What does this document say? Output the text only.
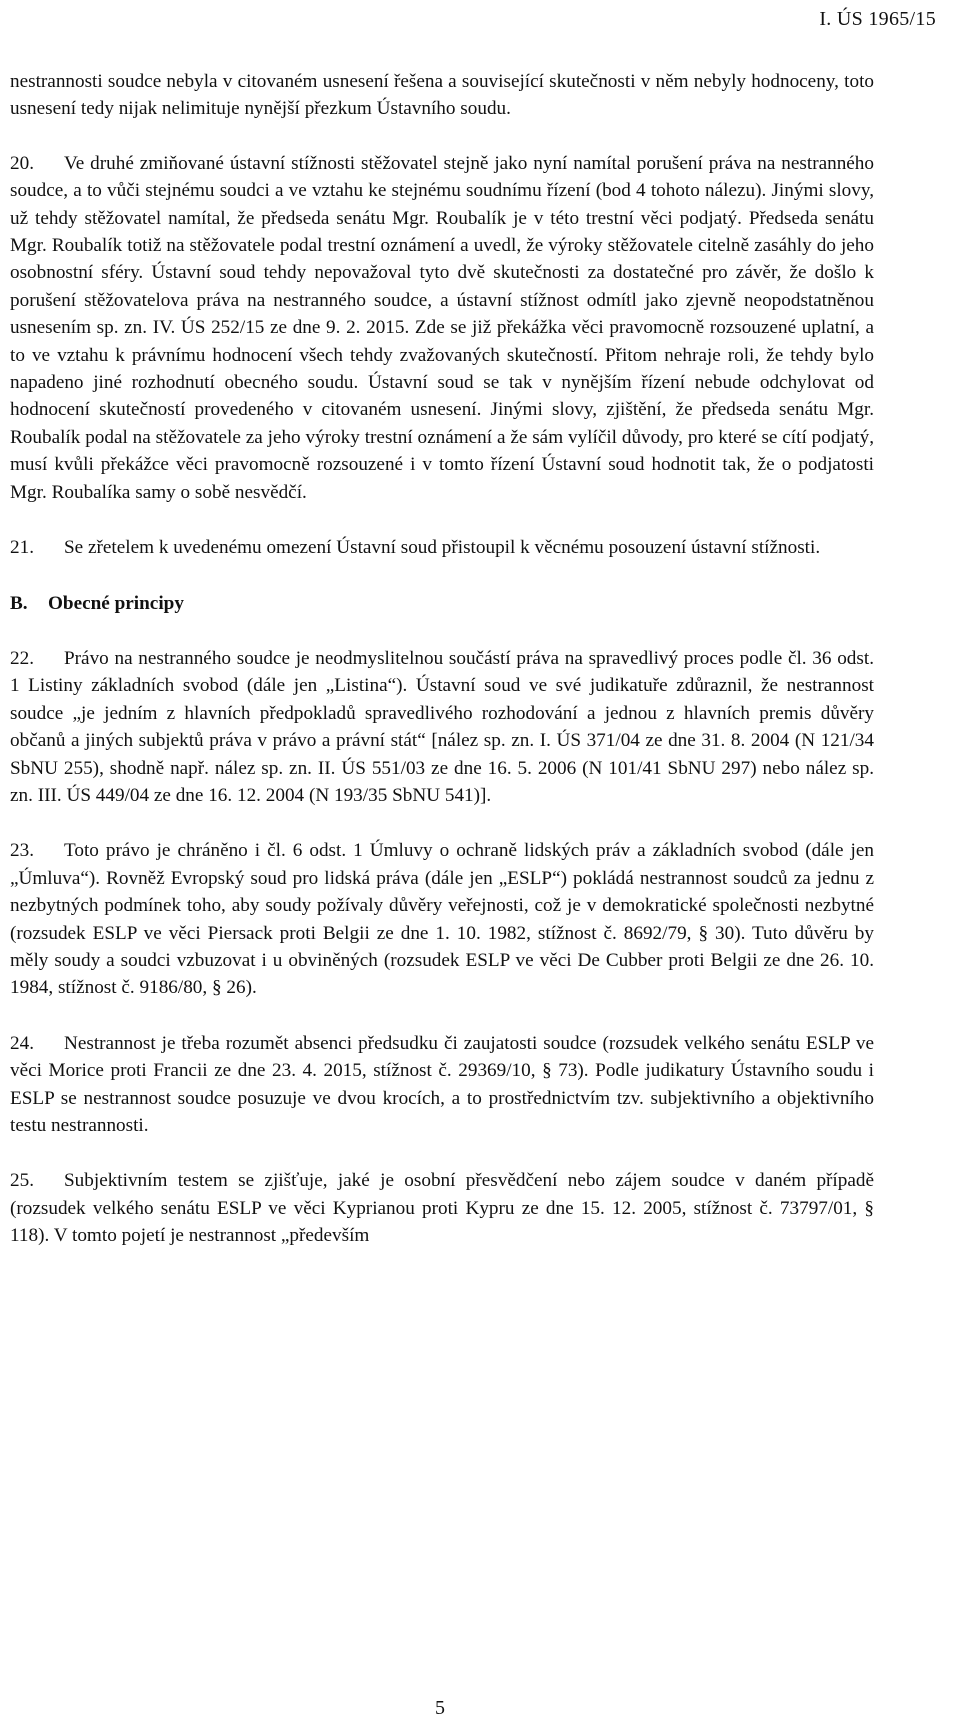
I. ÚS 1965/15

nestrannosti soudce nebyla v citovaném usnesení řešena a související skutečnosti v něm nebyly hodnoceny, toto usnesení tedy nijak nelimituje nynější přezkum Ústavního soudu.

20. Ve druhé zmiňované ústavní stížnosti stěžovatel stejně jako nyní namítal porušení práva na nestranného soudce, a to vůči stejnému soudci a ve vztahu ke stejnému soudnímu řízení (bod 4 tohoto nálezu). Jinými slovy, už tehdy stěžovatel namítal, že předseda senátu Mgr. Roubalík je v této trestní věci podjatý. Předseda senátu Mgr. Roubalík totiž na stěžovatele podal trestní oznámení a uvedl, že výroky stěžovatele citelně zasáhly do jeho osobnostní sféry. Ústavní soud tehdy nepovažoval tyto dvě skutečnosti za dostatečné pro závěr, že došlo k porušení stěžovatelova práva na nestranného soudce, a ústavní stížnost odmítl jako zjevně neopodstatněnou usnesením sp. zn. IV. ÚS 252/15 ze dne 9. 2. 2015. Zde se již překážka věci pravomocně rozsouzené uplatní, a to ve vztahu k právnímu hodnocení všech tehdy zvažovaných skutečností. Přitom nehraje roli, že tehdy bylo napadeno jiné rozhodnutí obecného soudu. Ústavní soud se tak v nynějším řízení nebude odchylovat od hodnocení skutečností provedeného v citovaném usnesení. Jinými slovy, zjištění, že předseda senátu Mgr. Roubalík podal na stěžovatele za jeho výroky trestní oznámení a že sám vylíčil důvody, pro které se cítí podjatý, musí kvůli překážce věci pravomocně rozsouzené i v tomto řízení Ústavní soud hodnotit tak, že o podjatosti Mgr. Roubalíka samy o sobě nesvědčí.

21. Se zřetelem k uvedenému omezení Ústavní soud přistoupil k věcnému posouzení ústavní stížnosti.

B. Obecné principy

22. Právo na nestranného soudce je neodmyslitelnou součástí práva na spravedlivý proces podle čl. 36 odst. 1 Listiny základních svobod (dále jen „Listina“). Ústavní soud ve své judikatuře zdůraznil, že nestrannost soudce „je jedním z hlavních předpokladů spravedlivého rozhodování a jednou z hlavních premis důvěry občanů a jiných subjektů práva v právo a právní stát“ [nález sp. zn. I. ÚS 371/04 ze dne 31. 8. 2004 (N 121/34 SbNU 255), shodně např. nález sp. zn. II. ÚS 551/03 ze dne 16. 5. 2006 (N 101/41 SbNU 297) nebo nález sp. zn. III. ÚS 449/04 ze dne 16. 12. 2004 (N 193/35 SbNU 541)].

23. Toto právo je chráněno i čl. 6 odst. 1 Úmluvy o ochraně lidských práv a základních svobod (dále jen „Úmluva“). Rovněž Evropský soud pro lidská práva (dále jen „ESLP“) pokládá nestrannost soudců za jednu z nezbytných podmínek toho, aby soudy požívaly důvěry veřejnosti, což je v demokratické společnosti nezbytné (rozsudek ESLP ve věci Piersack proti Belgii ze dne 1. 10. 1982, stížnost č. 8692/79, § 30). Tuto důvěru by měly soudy a soudci vzbuzovat i u obviněných (rozsudek ESLP ve věci De Cubber proti Belgii ze dne 26. 10. 1984, stížnost č. 9186/80, § 26).

24. Nestrannost je třeba rozumět absenci předsudku či zaujatosti soudce (rozsudek velkého senátu ESLP ve věci Morice proti Francii ze dne 23. 4. 2015, stížnost č. 29369/10, § 73). Podle judikatury Ústavního soudu i ESLP se nestrannost soudce posuzuje ve dvou krocích, a to prostřednictvím tzv. subjektivního a objektivního testu nestrannosti.

25. Subjektivním testem se zjišťuje, jaké je osobní přesvědčení nebo zájem soudce v daném případě (rozsudek velkého senátu ESLP ve věci Kyprianou proti Kypru ze dne 15. 12. 2005, stížnost č. 73797/01, § 118). V tomto pojetí je nestrannost „především

5
